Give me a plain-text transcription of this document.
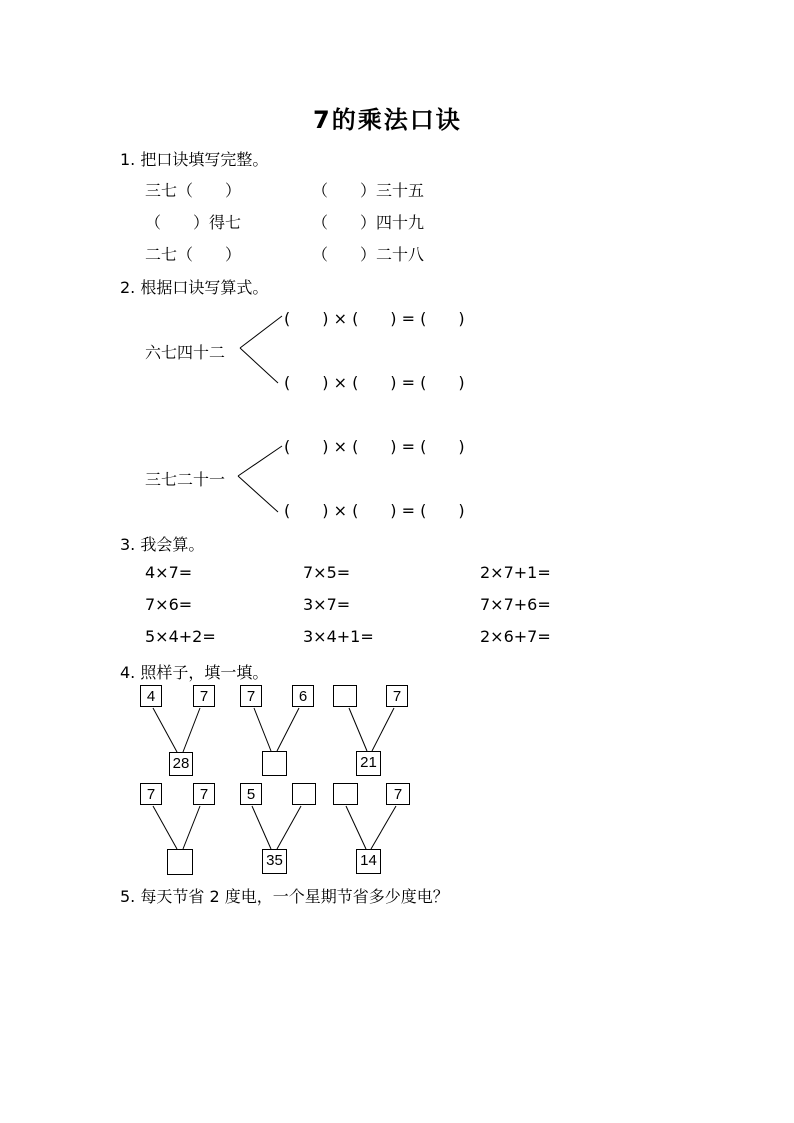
7的乘法口诀
1. 把口诀填写完整。
三七（　　）	（　　）三十五
（　　）得七	（　　）四十九
二七（　　）	（　　）二十八
2. 根据口诀写算式。
六七四十二
(　　) × (　　) = (　　)
(　　) × (　　) = (　　)
三七二十一
(　　) × (　　) = (　　)
(　　) × (　　) = (　　)
3. 我会算。
4×7=	7×5=	2×7+1=
7×6=	3×7=	7×7+6=
5×4+2=	3×4+1=	2×6+7=
4. 照样子，填一填。
4	7
28
7	6	7
21
7	7	5
35
7
14
5. 每天节省 2 度电，一个星期节省多少度电？
